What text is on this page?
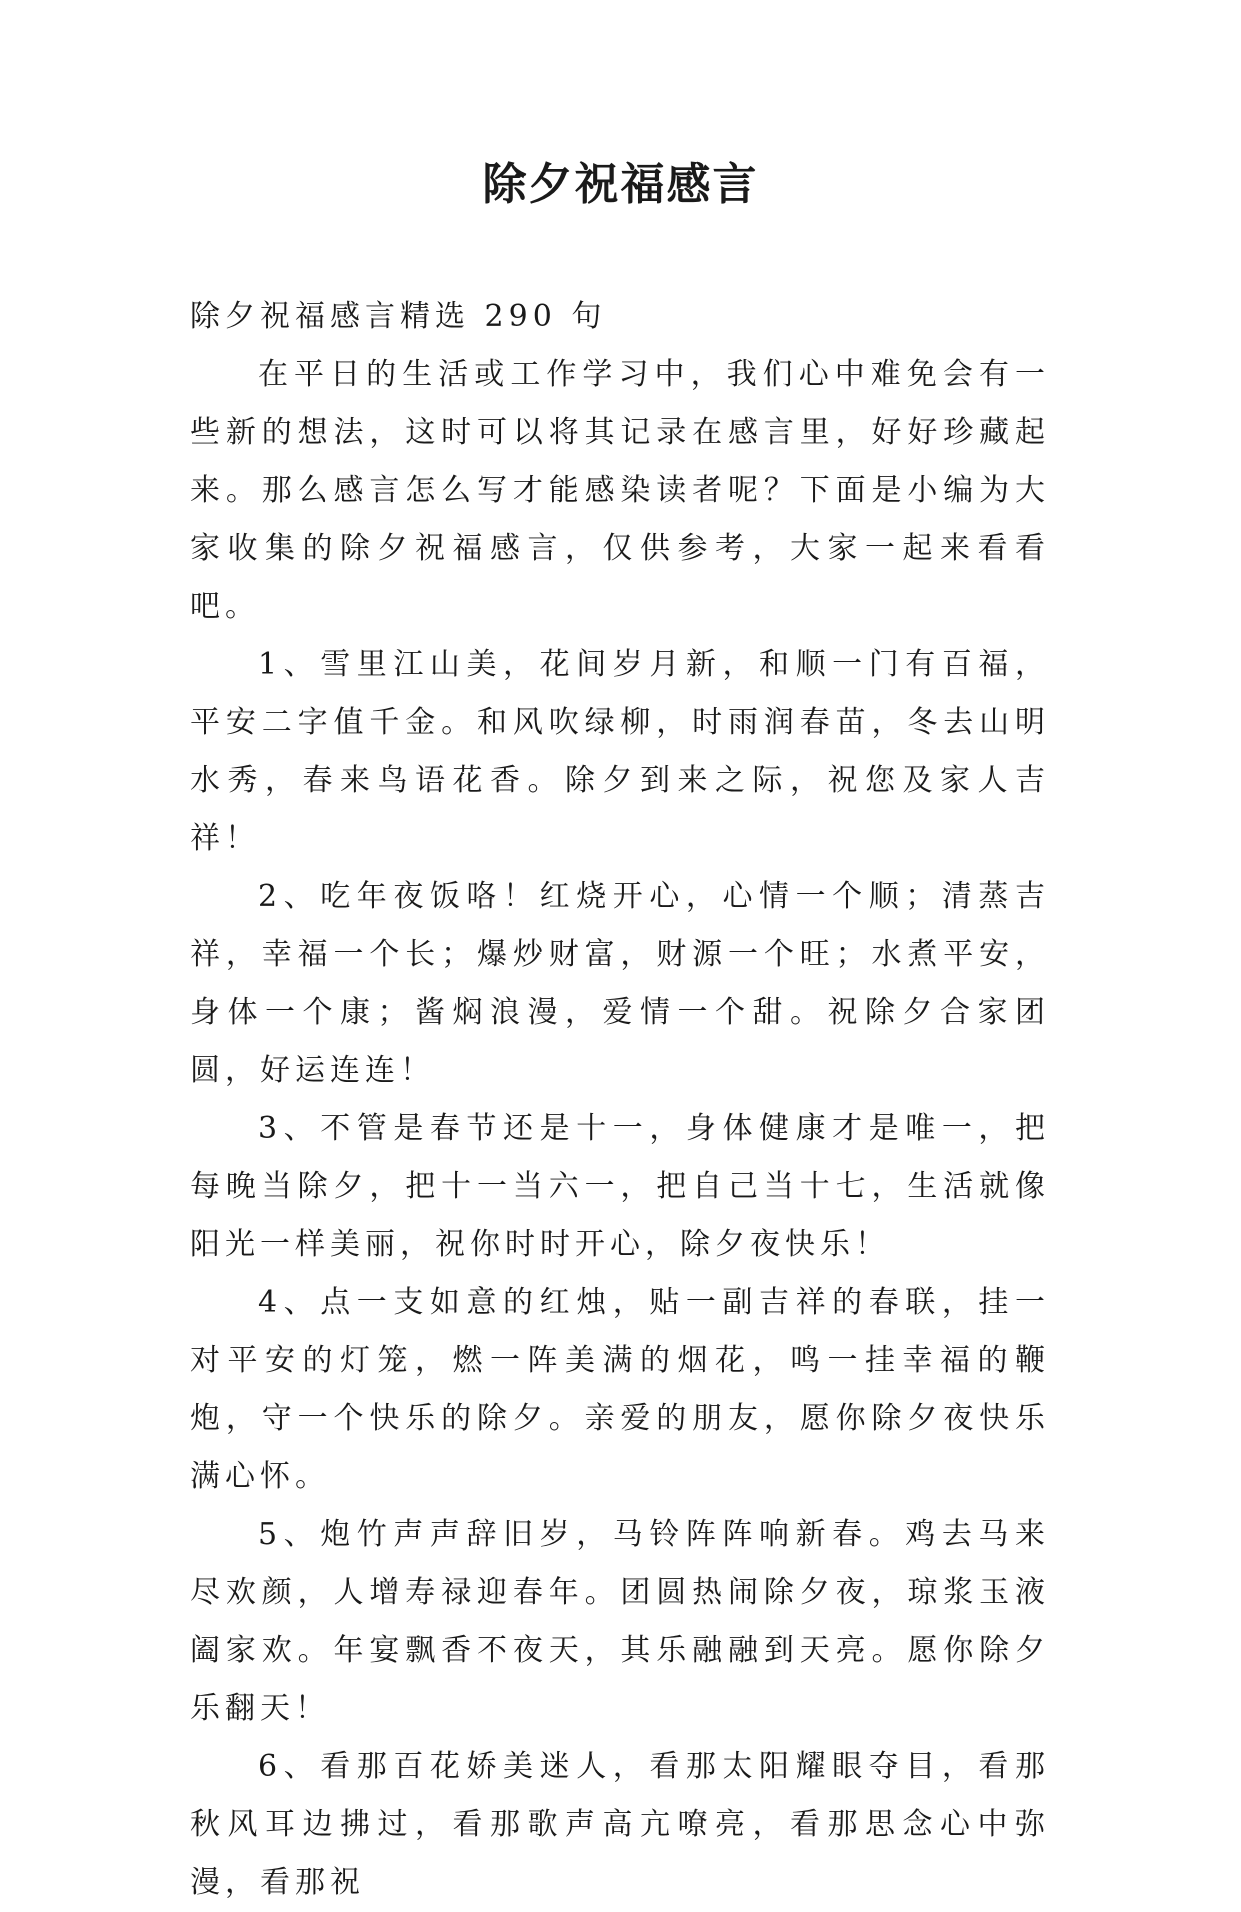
除夕祝福感言

除夕祝福感言精选 290 句

在平日的生活或工作学习中，我们心中难免会有一些新的想法，这时可以将其记录在感言里，好好珍藏起来。那么感言怎么写才能感染读者呢？下面是小编为大家收集的除夕祝福感言，仅供参考，大家一起来看看吧。

1、雪里江山美，花间岁月新，和顺一门有百福，平安二字值千金。和风吹绿柳，时雨润春苗，冬去山明水秀，春来鸟语花香。除夕到来之际，祝您及家人吉祥！

2、吃年夜饭咯！红烧开心，心情一个顺；清蒸吉祥，幸福一个长；爆炒财富，财源一个旺；水煮平安，身体一个康；酱焖浪漫，爱情一个甜。祝除夕合家团圆，好运连连！

3、不管是春节还是十一，身体健康才是唯一，把每晚当除夕，把十一当六一，把自己当十七，生活就像阳光一样美丽，祝你时时开心，除夕夜快乐！

4、点一支如意的红烛，贴一副吉祥的春联，挂一对平安的灯笼，燃一阵美满的烟花，鸣一挂幸福的鞭炮，守一个快乐的除夕。亲爱的朋友，愿你除夕夜快乐满心怀。

5、炮竹声声辞旧岁，马铃阵阵响新春。鸡去马来尽欢颜，人增寿禄迎春年。团圆热闹除夕夜，琼浆玉液阖家欢。年宴飘香不夜天，其乐融融到天亮。愿你除夕乐翻天！

6、看那百花娇美迷人，看那太阳耀眼夺目，看那秋风耳边拂过，看那歌声高亢嘹亮，看那思念心中弥漫，看那祝
